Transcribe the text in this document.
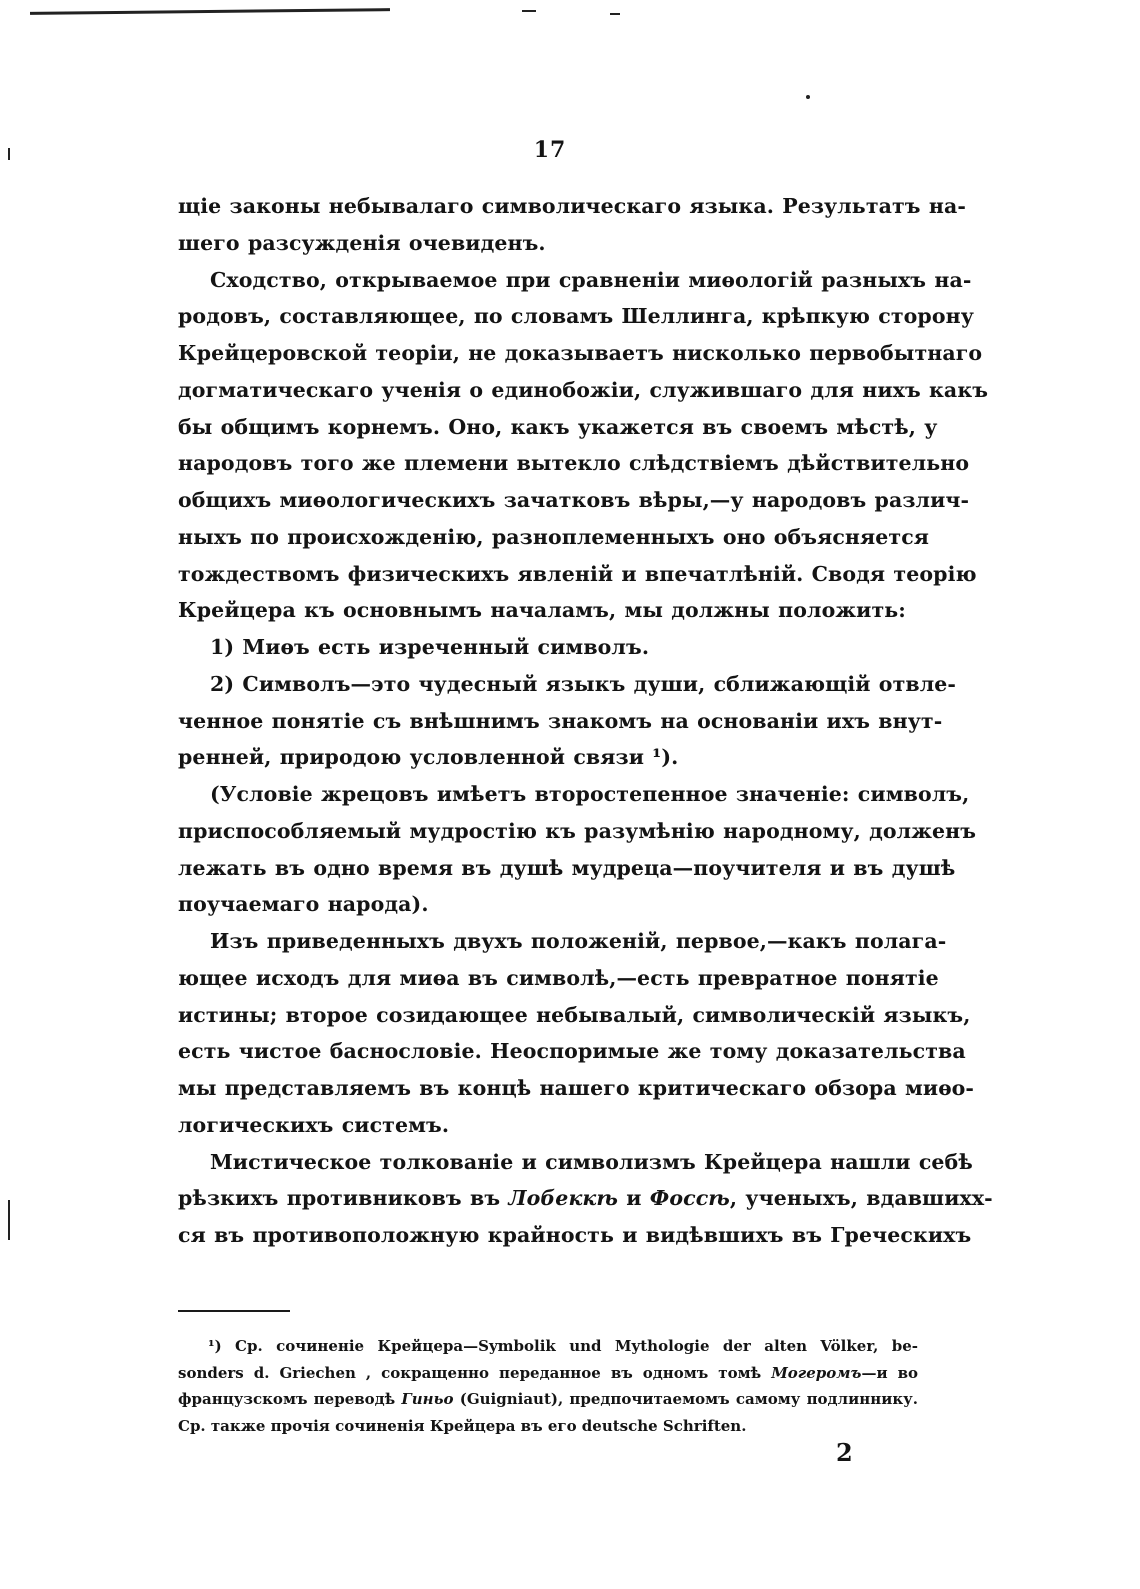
17
щіе законы небывалаго символическаго языка. Результатъ на-
шего разсужденія очевиденъ.
Сходство, открываемое при сравненіи миѳологій разныхъ на-
родовъ, составляющее, по словамъ Шеллинга, крѣпкую сторону
Крейцеровской теоріи, не доказываетъ нисколько первобытнаго
догматическаго ученія о единобожіи, служившаго для нихъ какъ
бы общимъ корнемъ. Оно, какъ укажется въ своемъ мѣстѣ, у
народовъ того же племени вытекло слѣдствіемъ дѣйствительно
общихъ миѳологическихъ зачатковъ вѣры,—у народовъ различ-
ныхъ по происхожденію, разноплеменныхъ оно объясняется
тождествомъ физическихъ явленій и впечатлѣній. Сводя теорію
Крейцера къ основнымъ началамъ, мы должны положить:
1) Миѳъ есть изреченный символъ.
2) Символъ—это чудесный языкъ души, сближающій отвле-
ченное понятіе съ внѣшнимъ знакомъ на основаніи ихъ внут-
ренней, природою условленной связи ¹).
(Условіе жрецовъ имѣетъ второстепенное значеніе: символъ,
приспособляемый мудростію къ разумѣнію народному, долженъ
лежать въ одно время въ душѣ мудреца—поучителя и въ душѣ
поучаемаго народа).
Изъ приведенныхъ двухъ положеній, первое,—какъ полага-
ющее исходъ для миѳа въ символѣ,—есть превратное понятіе
истины; второе созидающее небывалый, символическій языкъ,
есть чистое баснословіе. Неоспоримые же тому доказательства
мы представляемъ въ концѣ нашего критическаго обзора миѳо-
логическихъ системъ.
Мистическое толкованіе и символизмъ Крейцера нашли себѣ
рѣзкихъ противниковъ въ Лобеккѣ и Фоссѣ, ученыхъ, вдавшихх-
ся въ противоположную крайность и видѣвшихъ въ Греческихъ
¹) Ср. сочиненіе Крейцера—Symbolik und Mythologie der alten Völker, be-
sonders d. Griechen , сокращенно переданное въ одномъ томѣ Могеромъ—и во
французскомъ переводѣ Гиньо (Guigniaut), предпочитаемомъ самому подлиннику.
Ср. также прочія сочиненія Крейцера въ его deutsche Schriften.
2
